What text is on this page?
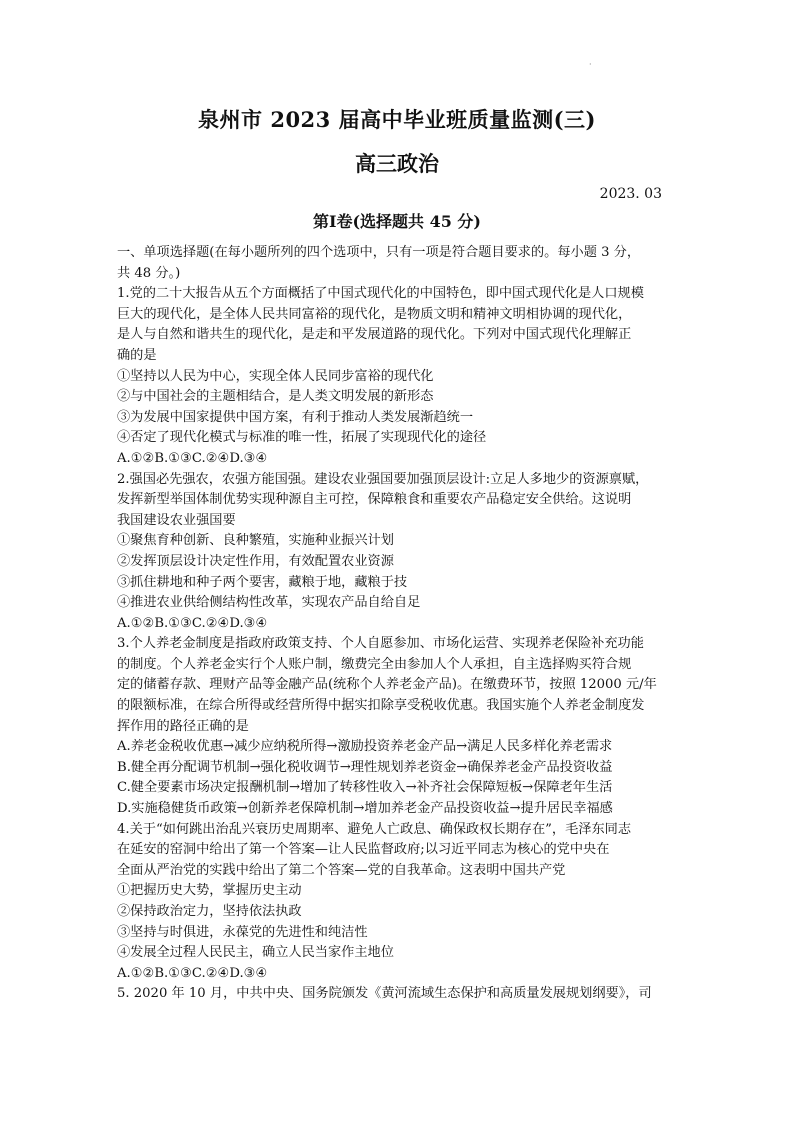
·
泉州市 2023 届高中毕业班质量监测(三)
高三政治
2023. 03
第Ⅰ卷(选择题共 45 分)
一、单项选择题(在每小题所列的四个选项中，只有一项是符合题目要求的。每小题 3 分，
共 48 分。)
1.党的二十大报告从五个方面概括了中国式现代化的中国特色，即中国式现代化是人口规模
巨大的现代化，是全体人民共同富裕的现代化，是物质文明和精神文明相协调的现代化，
是人与自然和谐共生的现代化，是走和平发展道路的现代化。下列对中国式现代化理解正
确的是
①坚持以人民为中心，实现全体人民同步富裕的现代化
②与中国社会的主题相结合，是人类文明发展的新形态
③为发展中国家提供中国方案，有利于推动人类发展渐趋统一
④否定了现代化模式与标准的唯一性，拓展了实现现代化的途径
A.①②B.①③C.②④D.③④
2.强国必先强农，农强方能国强。建设农业强国要加强顶层设计:立足人多地少的资源禀赋，
发挥新型举国体制优势实现种源自主可控，保障粮食和重要农产品稳定安全供给。这说明
我国建设农业强国要
①聚焦育种创新、良种繁殖，实施种业振兴计划
②发挥顶层设计决定性作用，有效配置农业资源
③抓住耕地和种子两个要害，藏粮于地，藏粮于技
④推进农业供给侧结构性改革，实现农产品自给自足
A.①②B.①③C.②④D.③④
3.个人养老金制度是指政府政策支持、个人自愿参加、市场化运营、实现养老保险补充功能
的制度。个人养老金实行个人账户制，缴费完全由参加人个人承担，自主选择购买符合规
定的储蓄存款、理财产品等金融产品(统称个人养老金产品)。在缴费环节，按照 12000 元/年
的限额标准，在综合所得或经营所得中据实扣除享受税收优惠。我国实施个人养老金制度发
挥作用的路径正确的是
A.养老金税收优惠→减少应纳税所得→激励投资养老金产品→满足人民多样化养老需求
B.健全再分配调节机制→强化税收调节→理性规划养老资金→确保养老金产品投资收益
C.健全要素市场决定报酬机制→增加了转移性收入→补齐社会保障短板→保障老年生活
D.实施稳健货币政策→创新养老保障机制→增加养老金产品投资收益→提升居民幸福感
4.关于“如何跳出治乱兴衰历史周期率、避免人亡政息、确保政权长期存在”，毛泽东同志
在延安的窑洞中给出了第一个答案—让人民监督政府;以习近平同志为核心的党中央在
全面从严治党的实践中给出了第二个答案—党的自我革命。这表明中国共产党
①把握历史大势，掌握历史主动
②保持政治定力，坚持依法执政
③坚持与时俱进，永葆党的先进性和纯洁性
④发展全过程人民民主，确立人民当家作主地位
A.①②B.①③C.②④D.③④
5. 2020 年 10 月，中共中央、国务院颁发《黄河流域生态保护和高质量发展规划纲要》，司
